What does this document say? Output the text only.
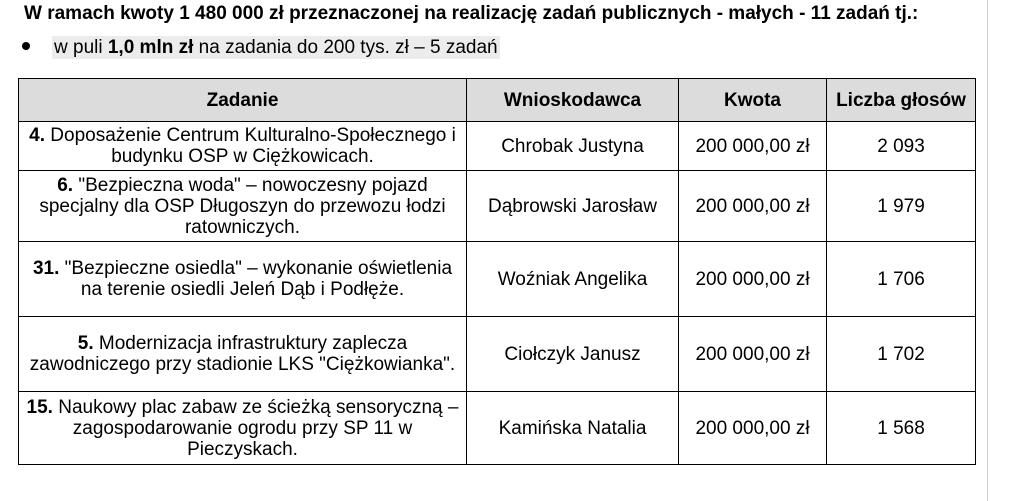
W ramach kwoty 1 480 000 zł przeznaczonej na realizację zadań publicznych - małych - 11 zadań tj.:
w puli 1,0 mln zł na zadania do 200 tys. zł – 5 zadań
Zadanie	Wnioskodawca	Kwota	Liczba głosów
4. Doposażenie Centrum Kulturalno-Społecznego i budynku OSP w Ciężkowicach.	Chrobak Justyna	200 000,00 zł	2 093
6. "Bezpieczna woda" – nowoczesny pojazd specjalny dla OSP Długoszyn do przewozu łodzi ratowniczych.	Dąbrowski Jarosław	200 000,00 zł	1 979
31. "Bezpieczne osiedla" – wykonanie oświetlenia na terenie osiedli Jeleń Dąb i Podłęże.	Woźniak Angelika	200 000,00 zł	1 706
5. Modernizacja infrastruktury zaplecza zawodniczego przy stadionie LKS "Ciężkowianka".	Ciołczyk Janusz	200 000,00 zł	1 702
15. Naukowy plac zabaw ze ścieżką sensoryczną – zagospodarowanie ogrodu przy SP 11 w Pieczyskach.	Kamińska Natalia	200 000,00 zł	1 568
